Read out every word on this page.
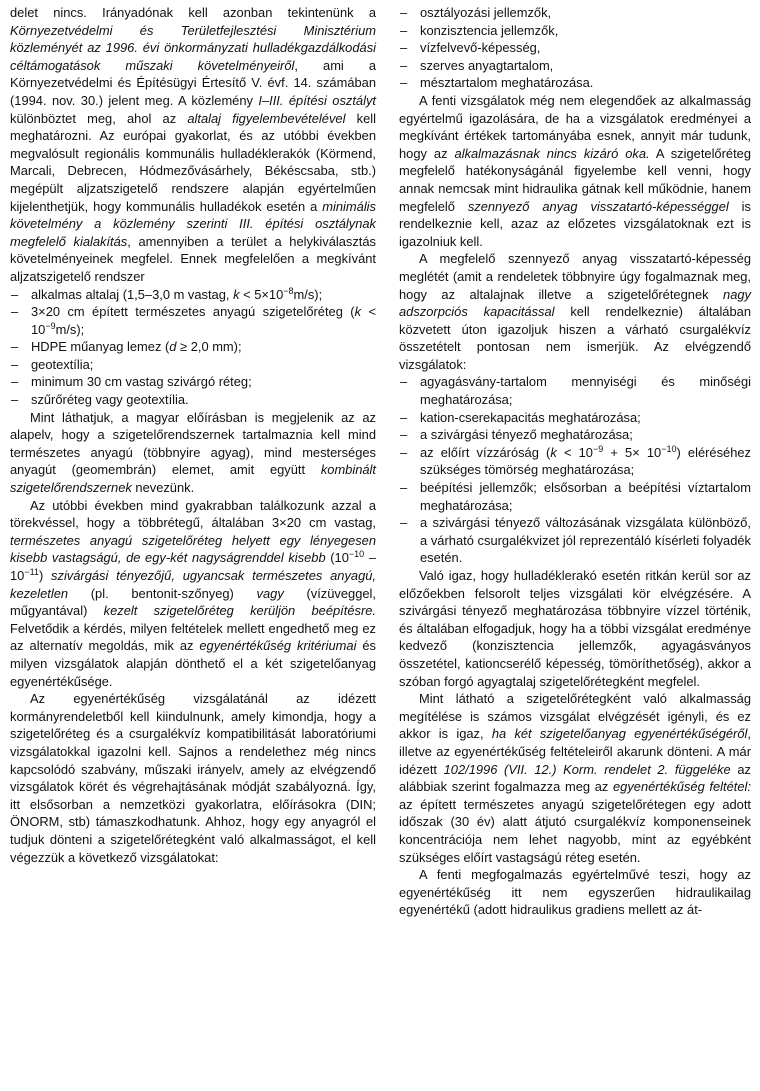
delet nincs. Irányadónak kell azonban tekintenünk a Környezetvédelmi és Területfejlesztési Minisztérium közleményét az 1996. évi önkormányzati hulladékgazdálkodási céltámogatások műszaki követelményeiről, ami a Környezetvédelmi és Építésügyi Értesítő V. évf. 14. számában (1994. nov. 30.) jelent meg. A közlemény I–III. építési osztályt különböztet meg, ahol az altalaj figyelembevételével kell meghatározni. Az európai gyakorlat, és az utóbbi években megvalósult regionális kommunális hulladéklerakók (Körmend, Marcali, Debrecen, Hódmezővásárhely, Békéscsaba, stb.) megépült aljzatszigetelő rendszere alapján egyértelműen kijelenthetjük, hogy kommunális hulladékok esetén a minimális követelmény a közlemény szerinti III. építési osztálynak megfelelő kialakítás, amennyiben a terület a helykiválasztás követelményeinek megfelel. Ennek megfelelően a megkívánt aljzatszigetelő rendszer

– alkalmas altalaj (1,5–3,0 m vastag, $k < 5\times 10^{-8}m/s$);
– 3×20 cm épített természetes anyagú szigetelőréteg $(k < 10^{-9}m/s)$;
– HDPE műanyag lemez (d ≥ 2,0 mm);
– geotextília;
– minimum 30 cm vastag szivárgó réteg;
– szűrőréteg vagy geotextília.

Mint láthatjuk, a magyar előírásban is megjelenik az az alapelv, hogy a szigetelőrendszernek tartalmaznia kell mind természetes anyagú (többnyire agyag), mind mesterséges anyagút (geomembrán) elemet, amit együtt kombinált szigetelőrendszernek nevezünk.

Az utóbbi években mind gyakrabban találkozunk azzal a törekvéssel, hogy a többrétegű, általában 3×20 cm vastag, természetes anyagú szigetelőréteg helyett egy lényegesen kisebb vastagságú, de egy-két nagyságrenddel kisebb $(10^{-10} - 10^{-11})$ szivárgási tényezőjű, ugyancsak természetes anyagú, kezeletlen (pl. bentonit-szőnyeg) vagy (vízüveggel, műgyantával) kezelt szigetelőréteg kerüljön beépítésre. Felvetődik a kérdés, milyen feltételek mellett engedhető meg ez az alternatív megoldás, mik az egyenértékűség kritériumai és milyen vizsgálatok alapján dönthető el a két szigetelőanyag egyenértékűsége.

Az egyenértékűség vizsgálatánál az idézett kormányrendeletből kell kiindulnunk, amely kimondja, hogy a szigetelőréteg és a csurgalékvíz kompatibilitását laboratóriumi vizsgálatokkal igazolni kell. Sajnos a rendelethez még nincs kapcsolódó szabvány, műszaki irányelv, amely az elvégzendő vizsgálatok körét és végrehajtásának módját szabályozná. Így, itt elsősorban a nemzetközi gyakorlatra, előírásokra (DIN; ÖNORM, stb) támaszkodhatunk. Ahhoz, hogy egy anyagról el tudjuk dönteni a szigetelőrétegként való alkalmasságot, el kell végezzük a következő vizsgálatokat:

– osztályozási jellemzők,
– konzisztencia jellemzők,
– vízfelvevő-képesség,
– szerves anyagtartalom,
– mésztartalom meghatározása.

A fenti vizsgálatok még nem elegendőek az alkalmasság egyértelmű igazolására, de ha a vizsgálatok eredményei a megkívánt értékek tartományába esnek, annyit már tudunk, hogy az alkalmazásnak nincs kizáró oka. A szigetelőréteg megfelelő hatékonyságánál figyelembe kell venni, hogy annak nemcsak mint hidraulika gátnak kell működnie, hanem megfelelő szennyező anyag visszatartó-képességgel is rendelkeznie kell, azaz az előzetes vizsgálatoknak ezt is igazolniuk kell.

A megfelelő szennyező anyag visszatartó-képesség meglétét (amit a rendeletek többnyire úgy fogalmaznak meg, hogy az altalajnak illetve a szigetelőrétegnek nagy adszorpciós kapacitással kell rendelkeznie) általában közvetett úton igazoljuk hiszen a várható csurgalékvíz összetételt pontosan nem ismerjük. Az elvégzendő vizsgálatok:

– agyagásvány-tartalom mennyiségi és minőségi meghatározása;
– kation-cserekapacitás meghatározása;
– a szivárgási tényező meghatározása;
– az előírt vízzáróság $(k < 10^{-9} + 5\times 10^{-10})$ eléréséhez szükséges tömörség meghatározása;
– beépítési jellemzők; elsősorban a beépítési víztartalom meghatározása;
– a szivárgási tényező változásának vizsgálata különböző, a várható csurgalékvizet jól reprezentáló kísérleti folyadék esetén.

Való igaz, hogy hulladéklerakó esetén ritkán kerül sor az előzőekben felsorolt teljes vizsgálati kör elvégzésére. A szivárgási tényező meghatározása többnyire vízzel történik, és általában elfogadjuk, hogy ha a többi vizsgálat eredménye kedvező (konzisztencia jellemzők, agyagásványos összetétel, kationcserélő képesség, tömöríthetőség), akkor a szóban forgó agyagtalaj szigetelőrétegként megfelel.

Mint látható a szigetelőrétegként való alkalmasság megítélése is számos vizsgálat elvégzését igényli, és ez akkor is igaz, ha két szigetelőanyag egyenértékűségéről, illetve az egyenértékűség feltételeiről akarunk dönteni. A már idézett 102/1996 (VII. 12.) Korm. rendelet 2. függeléke az alábbiak szerint fogalmazza meg az egyenértékűség feltétel: az épített természetes anyagú szigetelőrétegen egy adott időszak (30 év) alatt átjutó csurgalékvíz komponenseinek koncentrációja nem lehet nagyobb, mint az egyébként szükséges előírt vastagságú réteg esetén.

A fenti megfogalmazás egyértelművé teszi, hogy az egyenértékűség itt nem egyszerűen hidraulikailag egyenértékű (adott hidraulikus gradiens mellett az át-
